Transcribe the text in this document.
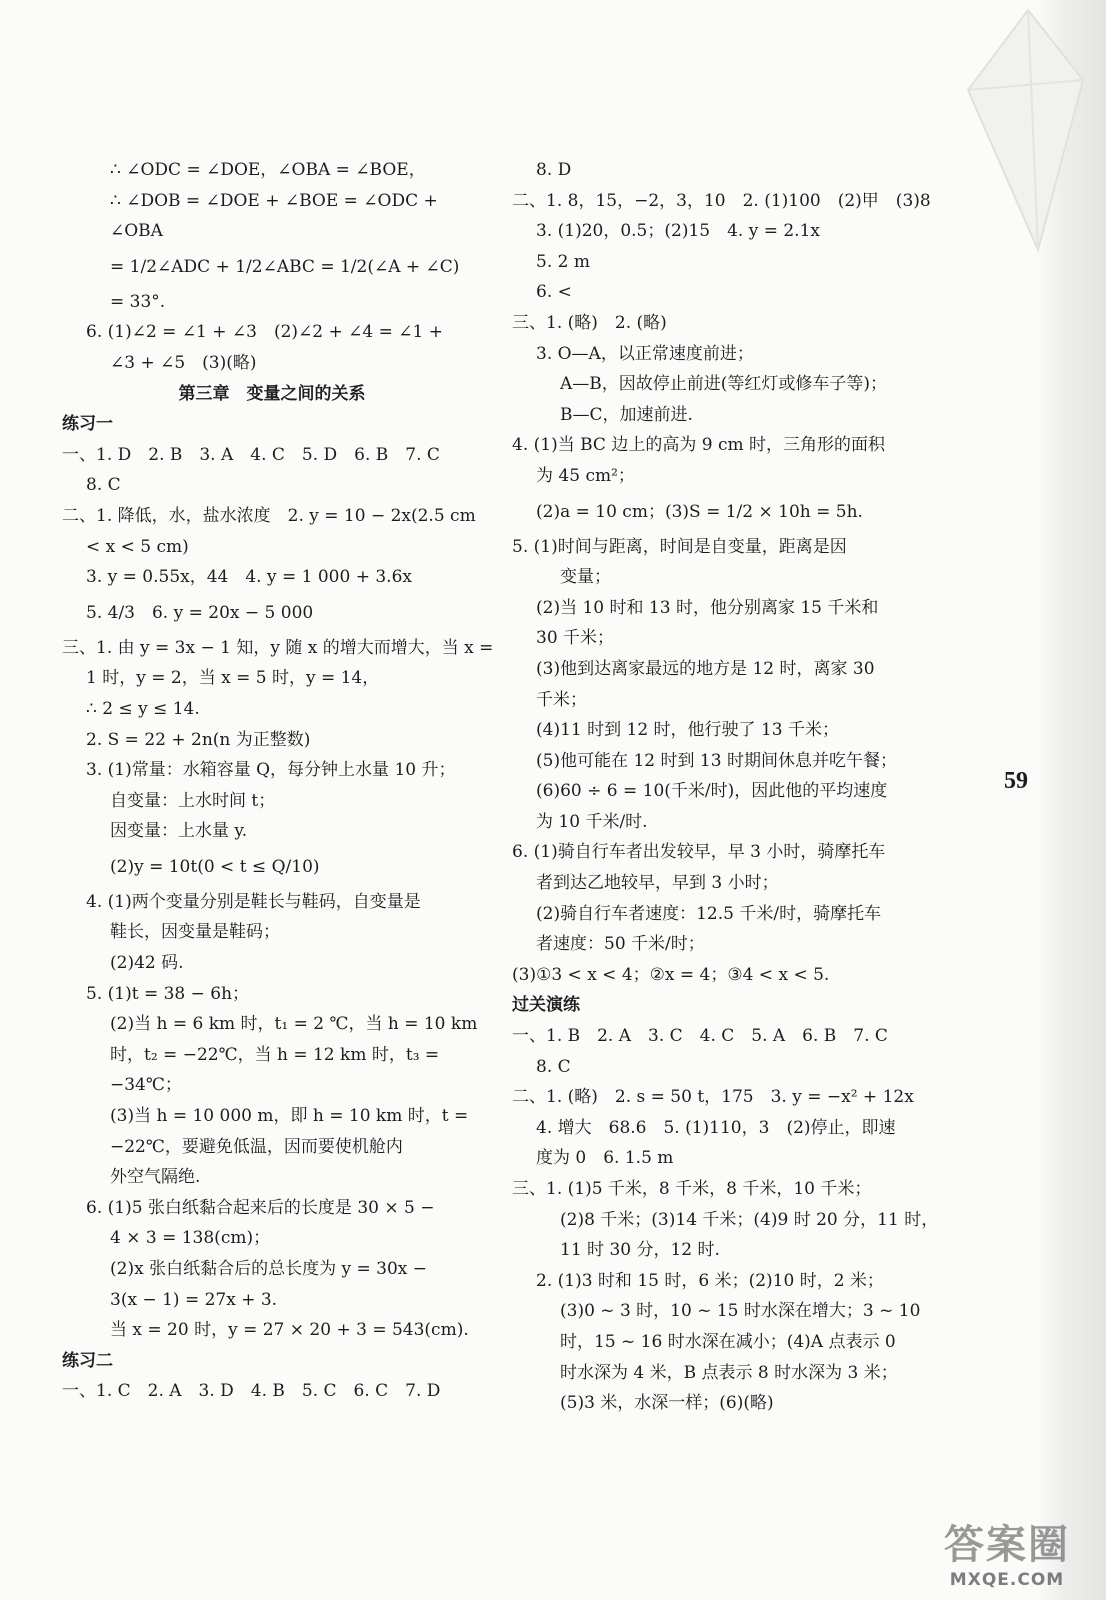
∴ ∠ODC = ∠DOE，∠OBA = ∠BOE，
∴ ∠DOB = ∠DOE + ∠BOE = ∠ODC +
∠OBA
= 1/2∠ADC + 1/2∠ABC = 1/2(∠A + ∠C)
= 33°.
6. (1)∠2 = ∠1 + ∠3　(2)∠2 + ∠4 = ∠1 +
∠3 + ∠5　(3)(略)
第三章　变量之间的关系
练习一
一、1. D　2. B　3. A　4. C　5. D　6. B　7. C
8. C
二、1. 降低，水，盐水浓度　2. y = 10 − 2x(2.5 cm
< x < 5 cm)
3. y = 0.55x，44　4. y = 1 000 + 3.6x
5. 4/3　6. y = 20x − 5 000
三、1. 由 y = 3x − 1 知，y 随 x 的增大而增大，当 x =
1 时，y = 2，当 x = 5 时，y = 14，
∴ 2 ≤ y ≤ 14.
2. S = 22 + 2n(n 为正整数)
3. (1)常量：水箱容量 Q，每分钟上水量 10 升；
自变量：上水时间 t；
因变量：上水量 y.
(2)y = 10t(0 < t ≤ Q/10)
4. (1)两个变量分别是鞋长与鞋码，自变量是
鞋长，因变量是鞋码；
(2)42 码.
5. (1)t = 38 − 6h；
(2)当 h = 6 km 时，t₁ = 2 ℃，当 h = 10 km
时，t₂ = −22℃，当 h = 12 km 时，t₃ =
−34℃；
(3)当 h = 10 000 m，即 h = 10 km 时，t =
−22℃，要避免低温，因而要使机舱内
外空气隔绝.
6. (1)5 张白纸黏合起来后的长度是 30 × 5 −
4 × 3 = 138(cm)；
(2)x 张白纸黏合后的总长度为 y = 30x −
3(x − 1) = 27x + 3.
当 x = 20 时，y = 27 × 20 + 3 = 543(cm).
练习二
一、1. C　2. A　3. D　4. B　5. C　6. C　7. D
8. D
二、1. 8，15，−2，3，10　2. (1)100　(2)甲　(3)8
3. (1)20，0.5；(2)15　4. y = 2.1x
5. 2 m
6. <
三、1. (略)　2. (略)
3. O—A，以正常速度前进；
A—B，因故停止前进(等红灯或修车子等)；
B—C，加速前进.
4. (1)当 BC 边上的高为 9 cm 时，三角形的面积
为 45 cm²；
(2)a = 10 cm；(3)S = 1/2 × 10h = 5h.
5. (1)时间与距离，时间是自变量，距离是因
变量；
(2)当 10 时和 13 时，他分别离家 15 千米和
30 千米；
(3)他到达离家最远的地方是 12 时，离家 30
千米；
(4)11 时到 12 时，他行驶了 13 千米；
(5)他可能在 12 时到 13 时期间休息并吃午餐；
(6)60 ÷ 6 = 10(千米/时)，因此他的平均速度
为 10 千米/时.
6. (1)骑自行车者出发较早，早 3 小时，骑摩托车
者到达乙地较早，早到 3 小时；
(2)骑自行车者速度：12.5 千米/时，骑摩托车
者速度：50 千米/时；
(3)①3 < x < 4；②x = 4；③4 < x < 5.
过关演练
一、1. B　2. A　3. C　4. C　5. A　6. B　7. C
8. C
二、1. (略)　2. s = 50 t，175　3. y = −x² + 12x
4. 增大　68.6　5. (1)110，3　(2)停止，即速
度为 0　6. 1.5 m
三、1. (1)5 千米，8 千米，8 千米，10 千米；
(2)8 千米；(3)14 千米；(4)9 时 20 分，11 时，
11 时 30 分，12 时.
2. (1)3 时和 15 时，6 米；(2)10 时，2 米；
(3)0 ~ 3 时，10 ~ 15 时水深在增大；3 ~ 10
时，15 ~ 16 时水深在减小；(4)A 点表示 0
时水深为 4 米，B 点表示 8 时水深为 3 米；
(5)3 米，水深一样；(6)(略)
59
答案圈
MXQE.COM
